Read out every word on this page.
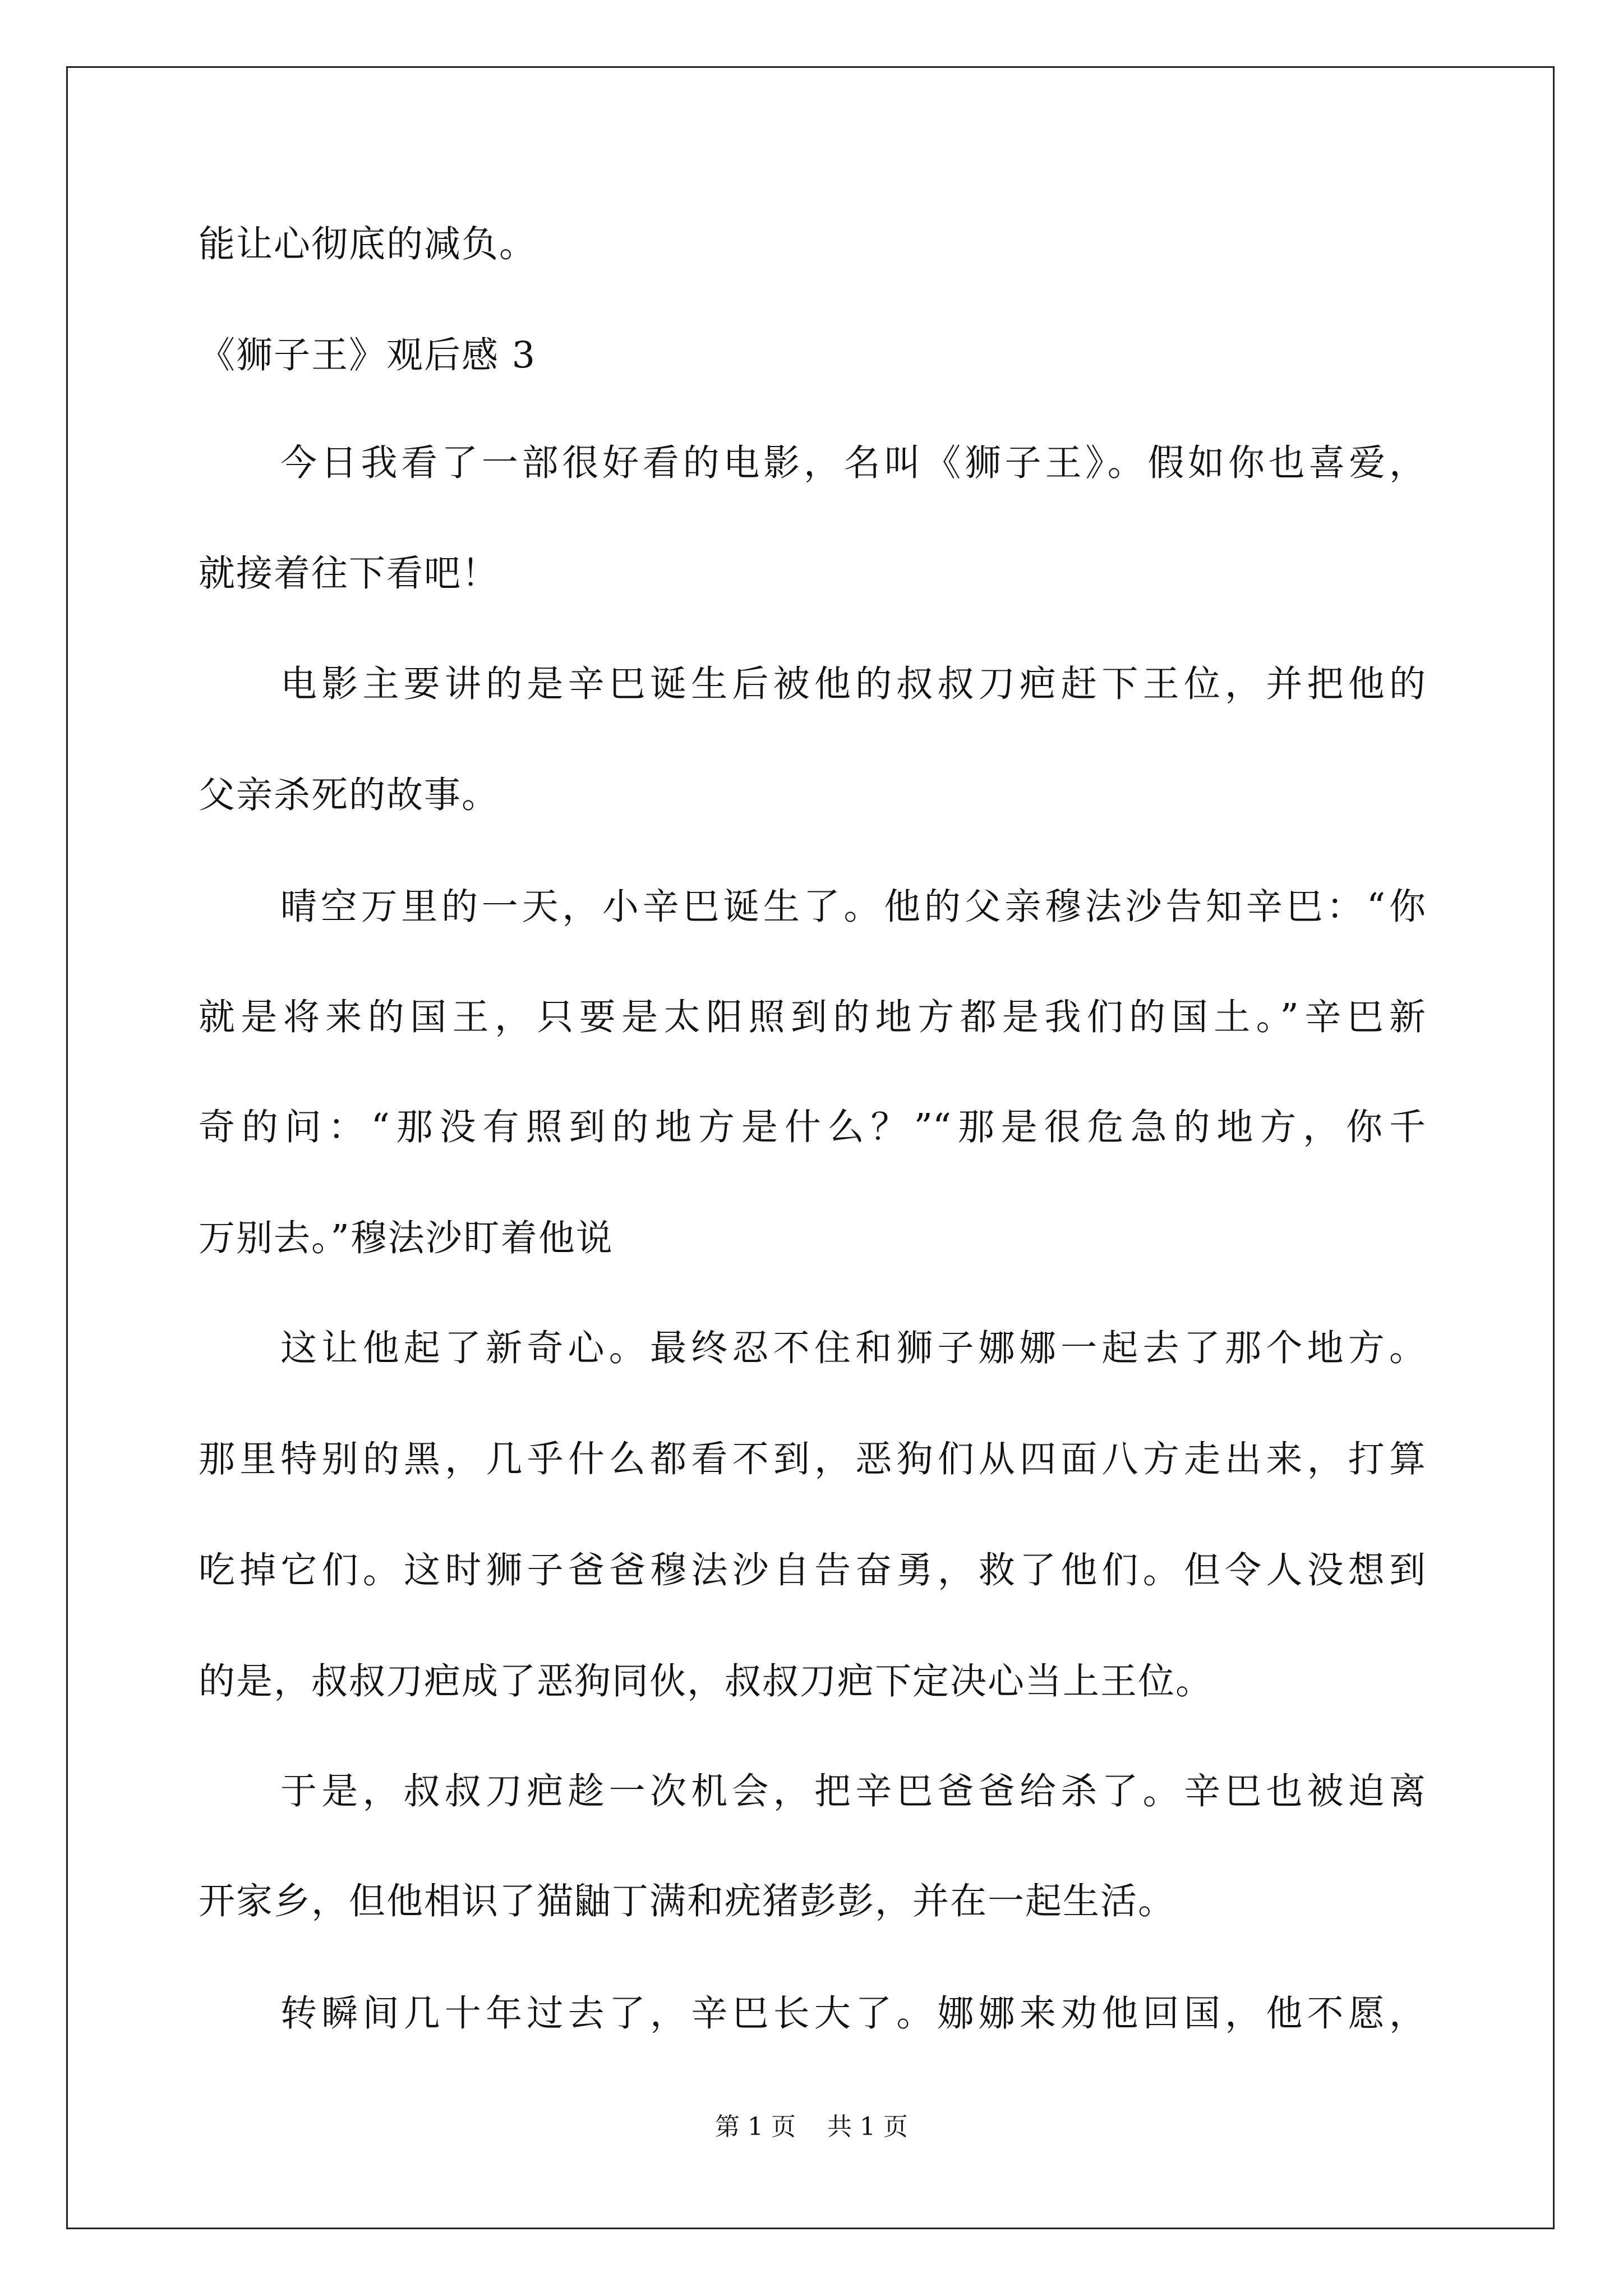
能让心彻底的减负。
《狮子王》观后感 3
今日我看了一部很好看的电影，名叫《狮子王》。假如你也喜爱，
就接着往下看吧！
电影主要讲的是辛巴诞生后被他的叔叔刀疤赶下王位，并把他的
父亲杀死的故事。
晴空万里的一天，小辛巴诞生了。他的父亲穆法沙告知辛巴：“你
就是将来的国王，只要是太阳照到的地方都是我们的国土。”辛巴新
奇的问：“那没有照到的地方是什么？”“那是很危急的地方，你千
万别去。”穆法沙盯着他说
这让他起了新奇心。最终忍不住和狮子娜娜一起去了那个地方。
那里特别的黑，几乎什么都看不到，恶狗们从四面八方走出来，打算
吃掉它们。这时狮子爸爸穆法沙自告奋勇，救了他们。但令人没想到
的是，叔叔刀疤成了恶狗同伙，叔叔刀疤下定决心当上王位。
于是，叔叔刀疤趁一次机会，把辛巴爸爸给杀了。辛巴也被迫离
开家乡，但他相识了猫鼬丁满和疣猪彭彭，并在一起生活。
转瞬间几十年过去了，辛巴长大了。娜娜来劝他回国，他不愿，
第 1 页    共 1 页
